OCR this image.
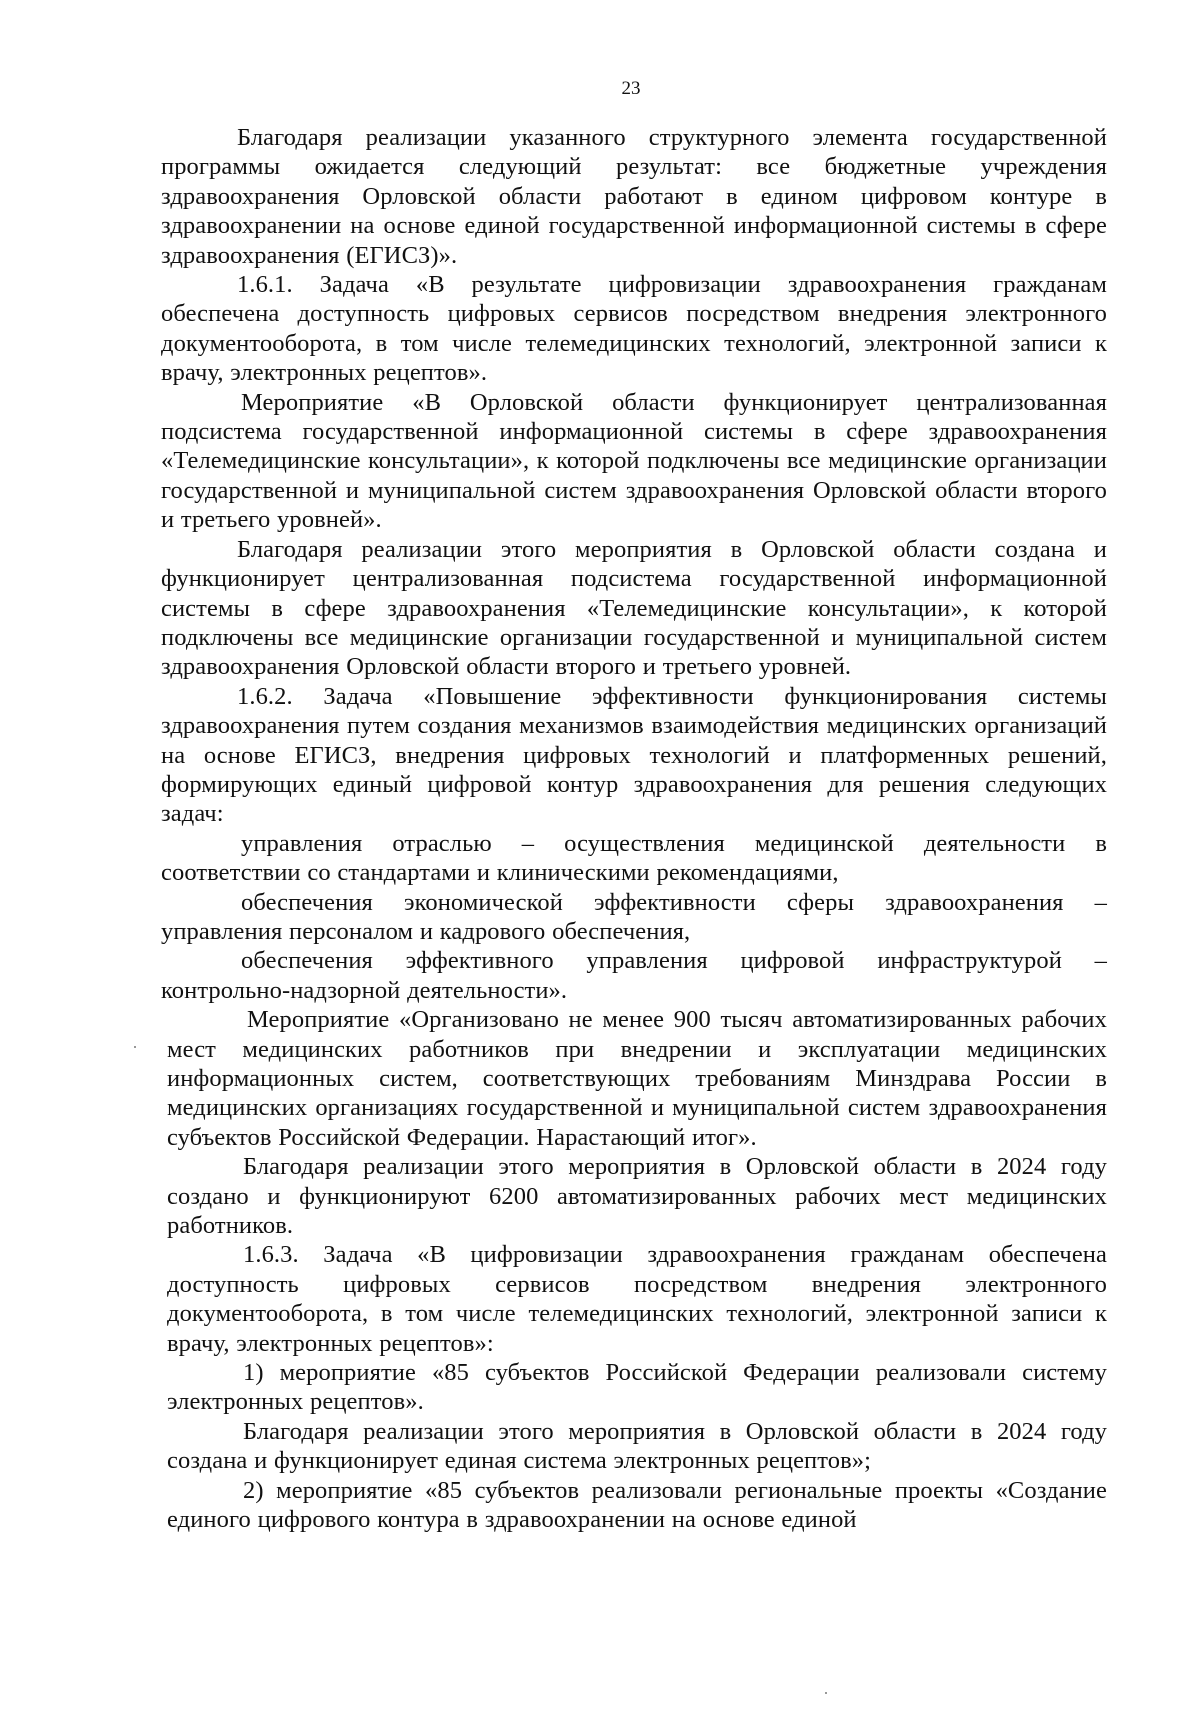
23

Благодаря реализации указанного структурного элемента государственной программы ожидается следующий результат: все бюджетные учреждения здравоохранения Орловской области работают в едином цифровом контуре в здравоохранении на основе единой государственной информационной системы в сфере здравоохранения (ЕГИСЗ)».

1.6.1. Задача «В результате цифровизации здравоохранения гражданам обеспечена доступность цифровых сервисов посредством внедрения электронного документооборота, в том числе телемедицинских технологий, электронной записи к врачу, электронных рецептов».

Мероприятие «В Орловской области функционирует централизованная подсистема государственной информационной системы в сфере здравоохранения «Телемедицинские консультации», к которой подключены все медицинские организации государственной и муниципальной систем здравоохранения Орловской области второго и третьего уровней».

Благодаря реализации этого мероприятия в Орловской области создана и функционирует централизованная подсистема государственной информационной системы в сфере здравоохранения «Телемедицинские консультации», к которой подключены все медицинские организации государственной и муниципальной систем здравоохранения Орловской области второго и третьего уровней.

1.6.2. Задача «Повышение эффективности функционирования системы здравоохранения путем создания механизмов взаимодействия медицинских организаций на основе ЕГИСЗ, внедрения цифровых технологий и платформенных решений, формирующих единый цифровой контур здравоохранения для решения следующих задач:

управления отраслью – осуществления медицинской деятельности в соответствии со стандартами и клиническими рекомендациями,

обеспечения экономической эффективности сферы здравоохранения – управления персоналом и кадрового обеспечения,

обеспечения эффективного управления цифровой инфраструктурой – контрольно-надзорной деятельности».

Мероприятие «Организовано не менее 900 тысяч автоматизированных рабочих мест медицинских работников при внедрении и эксплуатации медицинских информационных систем, соответствующих требованиям Минздрава России в медицинских организациях государственной и муниципальной систем здравоохранения субъектов Российской Федерации. Нарастающий итог».

Благодаря реализации этого мероприятия в Орловской области в 2024 году создано и функционируют 6200 автоматизированных рабочих мест медицинских работников.

1.6.3. Задача «В цифровизации здравоохранения гражданам обеспечена доступность цифровых сервисов посредством внедрения электронного документооборота, в том числе телемедицинских технологий, электронной записи к врачу, электронных рецептов»:

1) мероприятие «85 субъектов Российской Федерации реализовали систему электронных рецептов».

Благодаря реализации этого мероприятия в Орловской области в 2024 году создана и функционирует единая система электронных рецептов»;

2) мероприятие «85 субъектов реализовали региональные проекты «Создание единого цифрового контура в здравоохранении на основе единой
